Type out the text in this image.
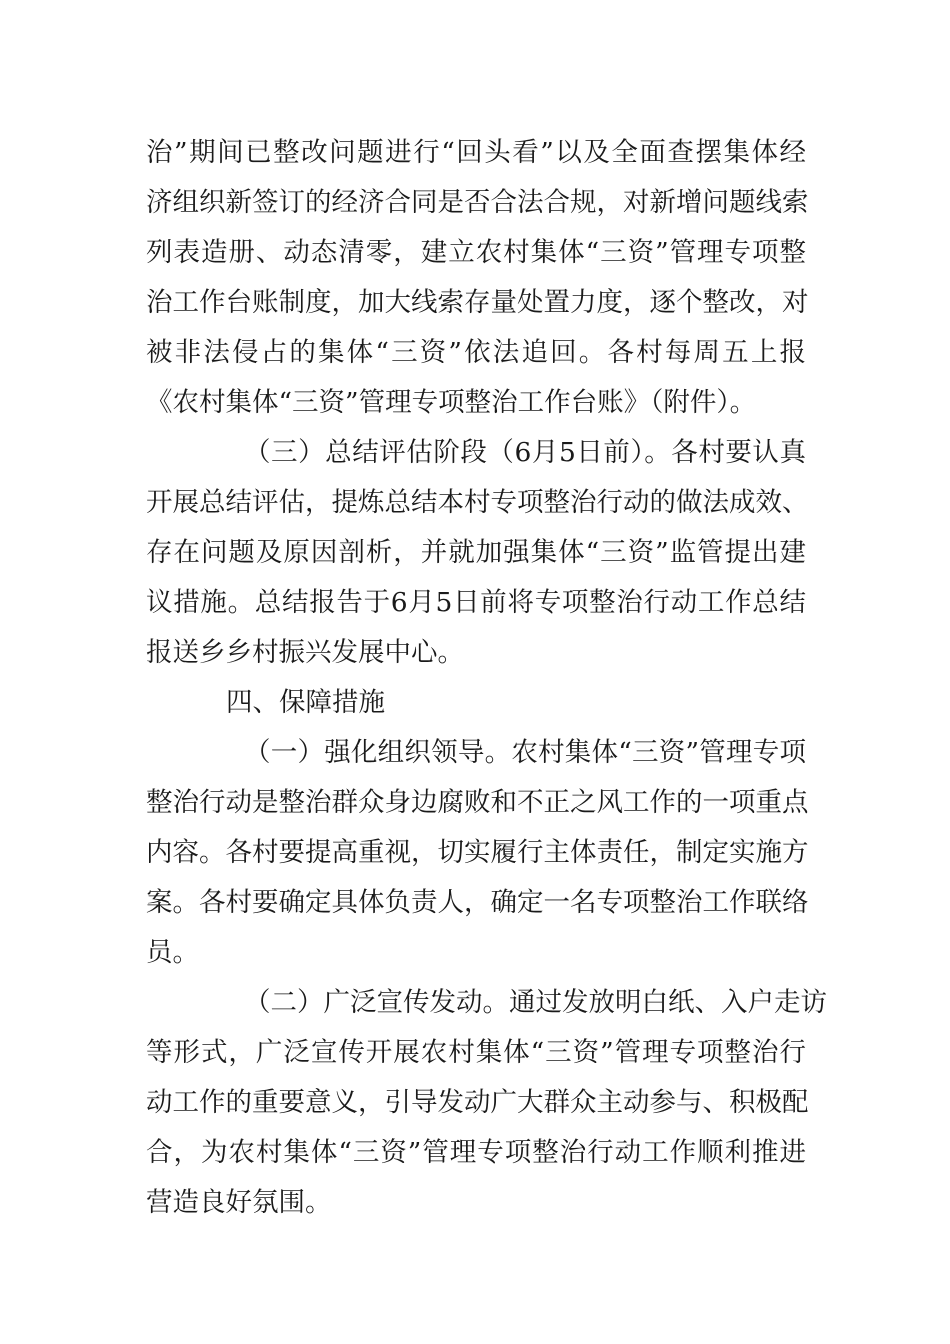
治”期间已整改问题进行“回头看”以及全面查摆集体经
济组织新签订的经济合同是否合法合规，对新增问题线索
列表造册、动态清零，建立农村集体“三资”管理专项整
治工作台账制度，加大线索存量处置力度，逐个整改，对
被非法侵占的集体“三资”依法追回。各村每周五上报
《农村集体“三资”管理专项整治工作台账》（附件）。
（三）总结评估阶段（6月5日前）。各村要认真
开展总结评估，提炼总结本村专项整治行动的做法成效、
存在问题及原因剖析，并就加强集体“三资”监管提出建
议措施。总结报告于6月5日前将专项整治行动工作总结
报送乡乡村振兴发展中心。
四、保障措施
（一）强化组织领导。农村集体“三资”管理专项
整治行动是整治群众身边腐败和不正之风工作的一项重点
内容。各村要提高重视，切实履行主体责任，制定实施方
案。各村要确定具体负责人，确定一名专项整治工作联络
员。
（二）广泛宣传发动。通过发放明白纸、入户走访
等形式，广泛宣传开展农村集体“三资”管理专项整治行
动工作的重要意义，引导发动广大群众主动参与、积极配
合，为农村集体“三资”管理专项整治行动工作顺利推进
营造良好氛围。
